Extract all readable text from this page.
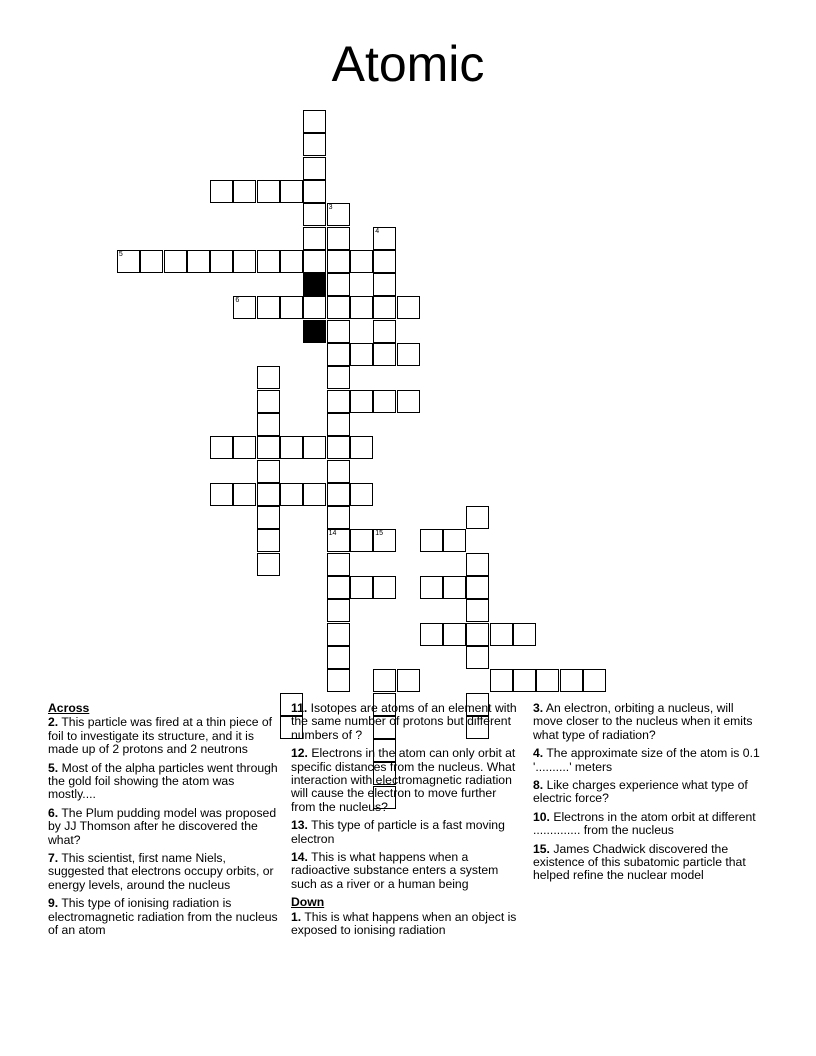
Atomic
3
14
4
5
6
15
Across

2. This particle was fired at a thin piece of foil to investigate its structure, and it is made up of 2 protons and 2 neutrons

5. Most of the alpha particles went through the gold foil showing the atom was mostly....

6. The Plum pudding model was proposed by JJ Thomson after he discovered the what?

7. This scientist, first name Niels, suggested that electrons occupy orbits, or energy levels, around the nucleus

9. This type of ionising radiation is electromagnetic radiation from the nucleus of an atom

11. Isotopes are atoms of an element with the same number of protons but different numbers of ?

12. Electrons in the atom can only orbit at specific distances from the nucleus. What interaction with electromagnetic radiation will cause the electron to move further from the nucleus?

13. This type of particle is a fast moving electron

14. This is what happens when a radioactive substance enters a system such as a river or a human being

Down

1. This is what happens when an object is exposed to ionising radiation

3. An electron, orbiting a nucleus, will move closer to the nucleus when it emits what type of radiation?

4. The approximate size of the atom is 0.1 '..........' meters

8. Like charges experience what type of electric force?

10. Electrons in the atom orbit at different .............. from the nucleus

15. James Chadwick discovered the existence of this subatomic particle that helped refine the nuclear model
